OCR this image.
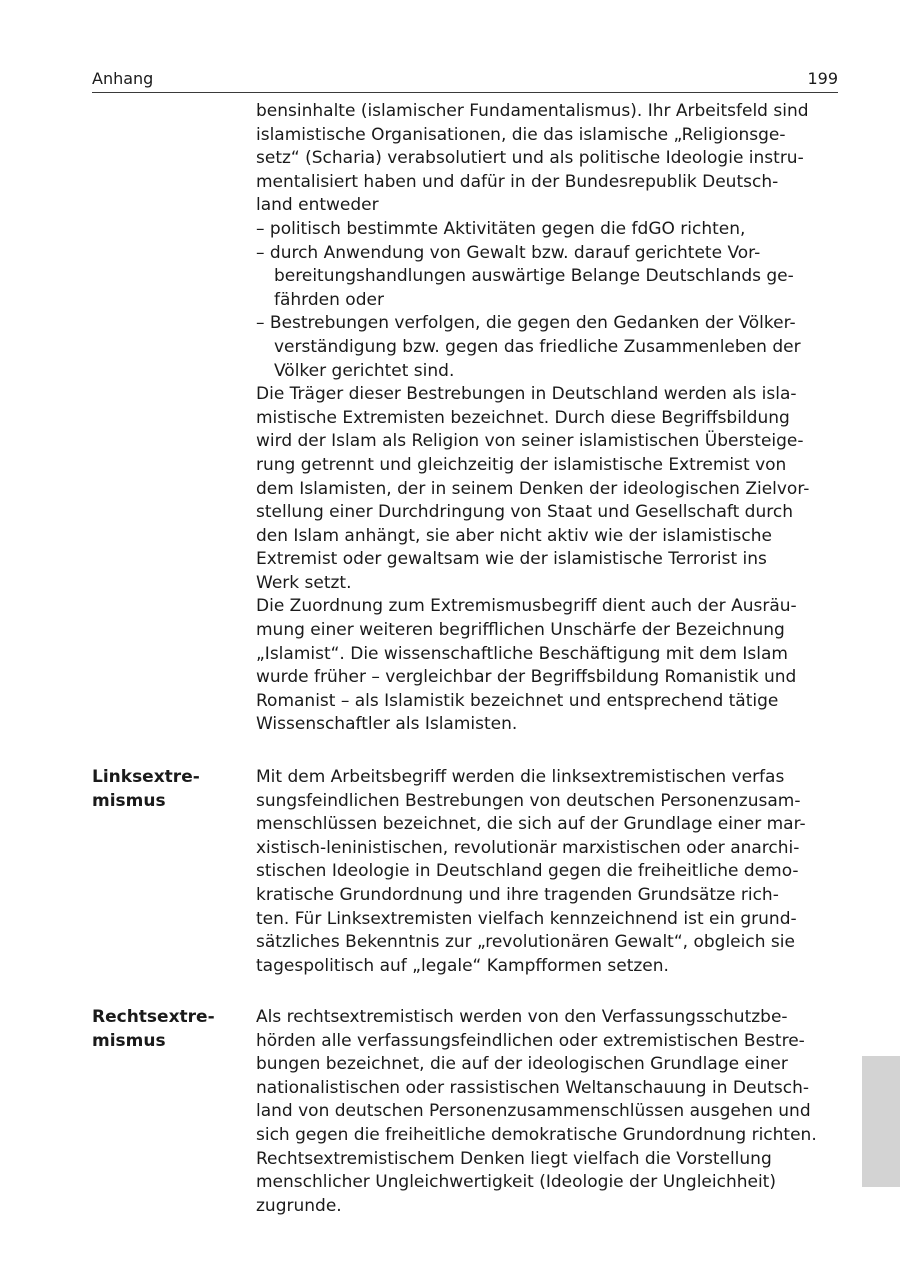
Anhang	199
bensinhalte (islamischer Fundamentalismus). Ihr Arbeitsfeld sind
islamistische Organisationen, die das islamische „Religionsge-
setz“ (Scharia) verabsolutiert und als politische Ideologie instru-
mentalisiert haben und dafür in der Bundesrepublik Deutsch-
land entweder
– politisch bestimmte Aktivitäten gegen die fdGO richten,
– durch Anwendung von Gewalt bzw. darauf gerichtete Vor-
bereitungshandlungen auswärtige Belange Deutschlands ge-
fährden oder
– Bestrebungen verfolgen, die gegen den Gedanken der Völker-
verständigung bzw. gegen das friedliche Zusammenleben der
Völker gerichtet sind.
Die Träger dieser Bestrebungen in Deutschland werden als isla-
mistische Extremisten bezeichnet. Durch diese Begriffsbildung
wird der Islam als Religion von seiner islamistischen Übersteige-
rung getrennt und gleichzeitig der islamistische Extremist von
dem Islamisten, der in seinem Denken der ideologischen Zielvor-
stellung einer Durchdringung von Staat und Gesellschaft durch
den Islam anhängt, sie aber nicht aktiv wie der islamistische
Extremist oder gewaltsam wie der islamistische Terrorist ins
Werk setzt.
Die Zuordnung zum Extremismusbegriff dient auch der Ausräu-
mung einer weiteren begrifflichen Unschärfe der Bezeichnung
„Islamist“. Die wissenschaftliche Beschäftigung mit dem Islam
wurde früher – vergleichbar der Begriffsbildung Romanistik und
Romanist – als Islamistik bezeichnet und entsprechend tätige
Wissenschaftler als Islamisten.
Linksextre-
mismus
Mit dem Arbeitsbegriff werden die linksextremistischen verfas
sungsfeindlichen Bestrebungen von deutschen Personenzusam-
menschlüssen bezeichnet, die sich auf der Grundlage einer mar-
xistisch-leninistischen, revolutionär marxistischen oder anarchi-
stischen Ideologie in Deutschland gegen die freiheitliche demo-
kratische Grundordnung und ihre tragenden Grundsätze rich-
ten. Für Linksextremisten vielfach kennzeichnend ist ein grund-
sätzliches Bekenntnis zur „revolutionären Gewalt“, obgleich sie
tagespolitisch auf „legale“ Kampfformen setzen.
Rechtsextre-
mismus
Als rechtsextremistisch werden von den Verfassungsschutzbe-
hörden alle verfassungsfeindlichen oder extremistischen Bestre-
bungen bezeichnet, die auf der ideologischen Grundlage einer
nationalistischen oder rassistischen Weltanschauung in Deutsch-
land von deutschen Personenzusammenschlüssen ausgehen und
sich gegen die freiheitliche demokratische Grundordnung richten.
Rechtsextremistischem Denken liegt vielfach die Vorstellung
menschlicher Ungleichwertigkeit (Ideologie der Ungleichheit)
zugrunde.
